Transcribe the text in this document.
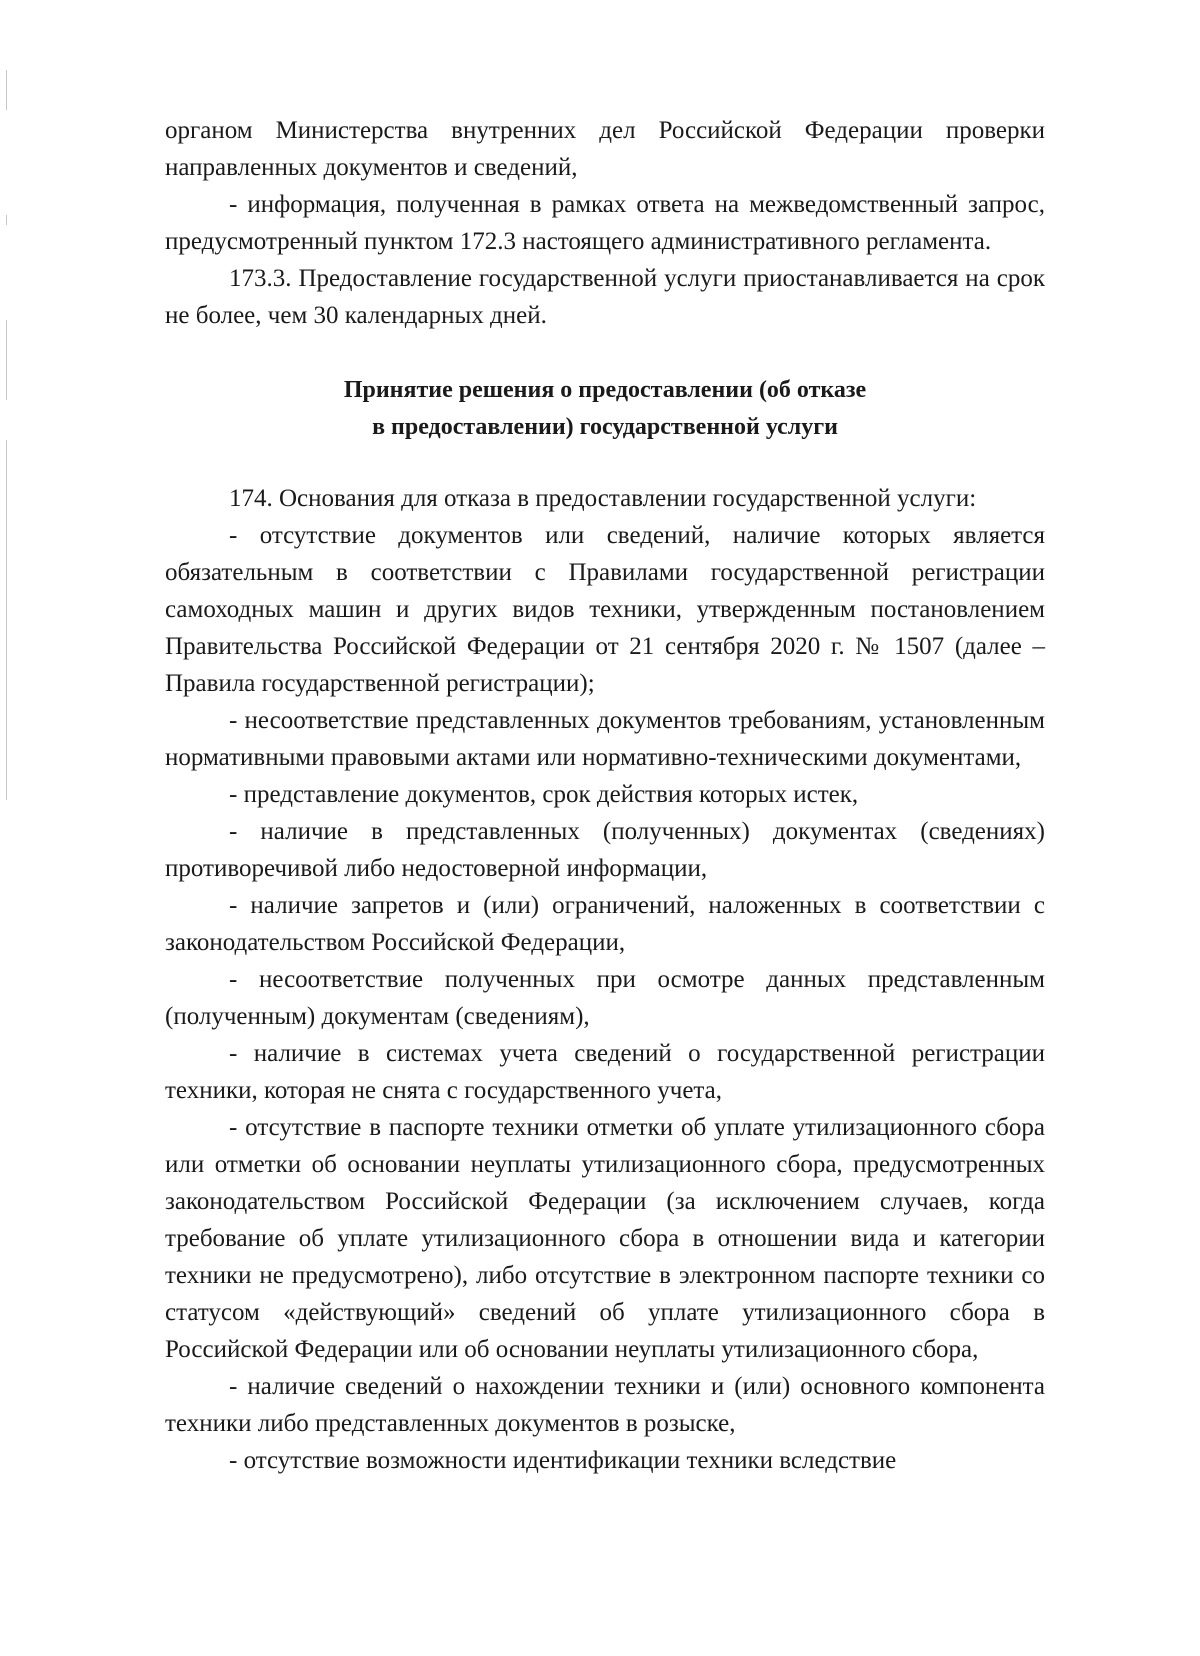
органом Министерства внутренних дел Российской Федерации проверки направленных документов и сведений,

- информация, полученная в рамках ответа на межведомственный запрос, предусмотренный пунктом 172.3 настоящего административного регламента.

173.3. Предоставление государственной услуги приостанавливается на срок не более, чем 30 календарных дней.

Принятие решения о предоставлении (об отказе
в предоставлении) государственной услуги

174. Основания для отказа в предоставлении государственной услуги:

- отсутствие документов или сведений, наличие которых является обязательным в соответствии с Правилами государственной регистрации самоходных машин и других видов техники, утвержденным постановлением Правительства Российской Федерации от 21 сентября 2020 г. № 1507 (далее – Правила государственной регистрации);

- несоответствие представленных документов требованиям, установленным нормативными правовыми актами или нормативно-техническими документами,

- представление документов, срок действия которых истек,

- наличие в представленных (полученных) документах (сведениях) противоречивой либо недостоверной информации,

- наличие запретов и (или) ограничений, наложенных в соответствии с законодательством Российской Федерации,

- несоответствие полученных при осмотре данных представленным (полученным) документам (сведениям),

- наличие в системах учета сведений о государственной регистрации техники, которая не снята с государственного учета,

- отсутствие в паспорте техники отметки об уплате утилизационного сбора или отметки об основании неуплаты утилизационного сбора, предусмотренных законодательством Российской Федерации (за исключением случаев, когда требование об уплате утилизационного сбора в отношении вида и категории техники не предусмотрено), либо отсутствие в электронном паспорте техники со статусом «действующий» сведений об уплате утилизационного сбора в Российской Федерации или об основании неуплаты утилизационного сбора,

- наличие сведений о нахождении техники и (или) основного компонента техники либо представленных документов в розыске,

- отсутствие возможности идентификации техники вследствие
